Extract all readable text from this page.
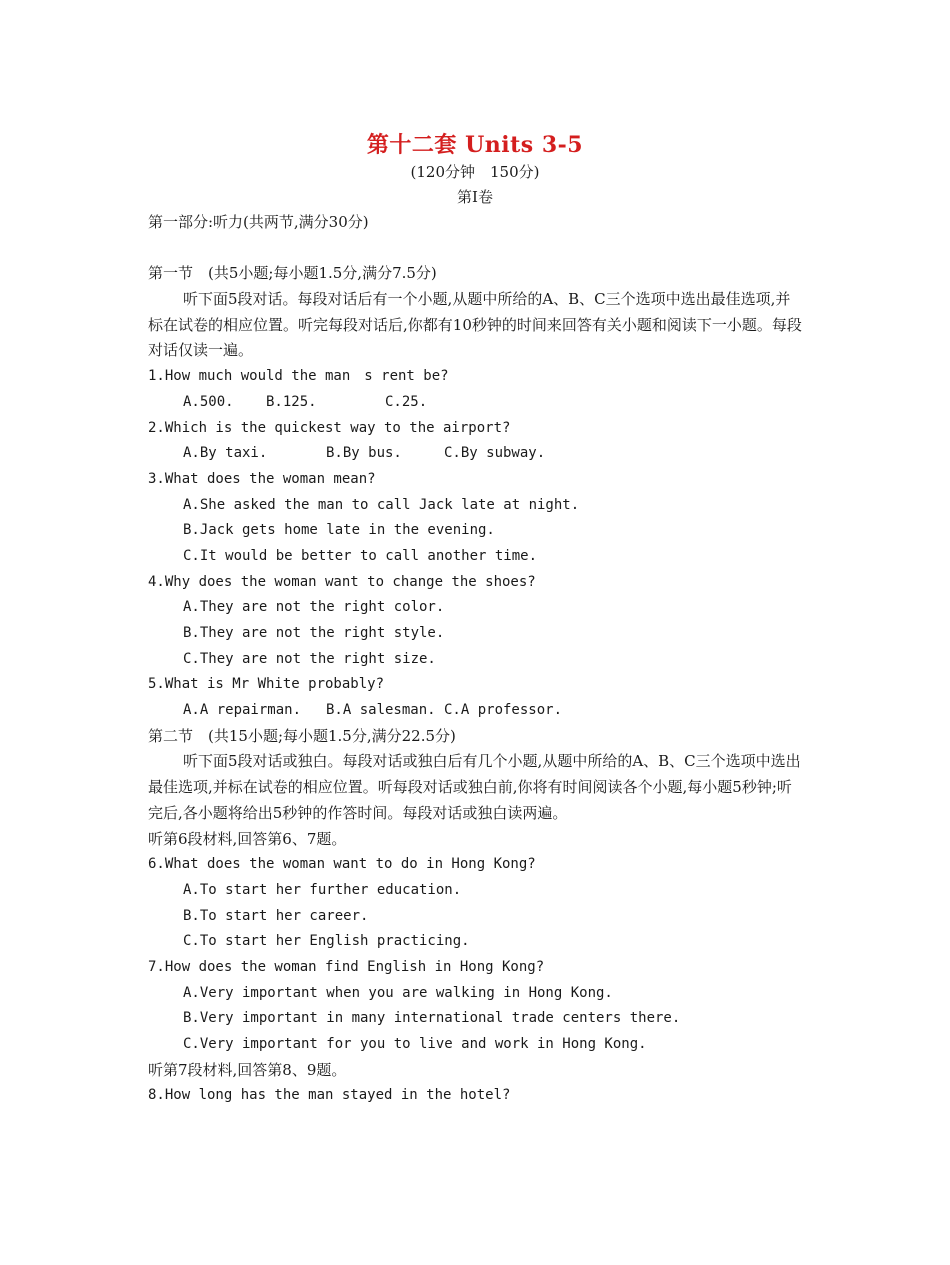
第十二套 Units 3-5
(120分钟　150分)
第Ⅰ卷
第一部分:听力(共两节,满分30分)
第一节　(共5小题;每小题1.5分,满分7.5分)
听下面5段对话。每段对话后有一个小题,从题中所给的A、B、C三个选项中选出最佳选项,并标在试卷的相应位置。听完每段对话后,你都有10秒钟的时间来回答有关小题和阅读下一小题。每段对话仅读一遍。
1.How much would the man　s rent be?
A.500. B.125.	C.25.
2.Which is the quickest way to the airport?
A.By taxi.	B.By bus.	C.By subway.
3.What does the woman mean?
A.She asked the man to call Jack late at night.
B.Jack gets home late in the evening.
C.It would be better to call another time.
4.Why does the woman want to change the shoes?
A.They are not the right color.
B.They are not the right style.
C.They are not the right size.
5.What is Mr White probably?
A.A repairman. B.A salesman. C.A professor.
第二节　(共15小题;每小题1.5分,满分22.5分)
听下面5段对话或独白。每段对话或独白后有几个小题,从题中所给的A、B、C三个选项中选出最佳选项,并标在试卷的相应位置。听每段对话或独白前,你将有时间阅读各个小题,每小题5秒钟;听完后,各小题将给出5秒钟的作答时间。每段对话或独白读两遍。
听第6段材料,回答第6、7题。
6.What does the woman want to do in Hong Kong?
A.To start her further education.
B.To start her career.
C.To start her English practicing.
7.How does the woman find English in Hong Kong?
A.Very important when you are walking in Hong Kong.
B.Very important in many international trade centers there.
C.Very important for you to live and work in Hong Kong.
听第7段材料,回答第8、9题。
8.How long has the man stayed in the hotel?
